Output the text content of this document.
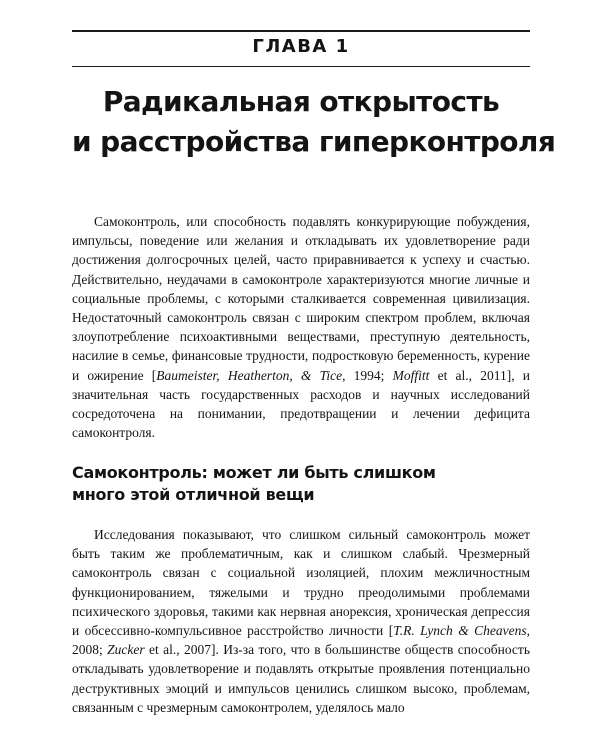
ГЛАВА 1
Радикальная открытость
и расстройства гиперконтроля

Самоконтроль, или способность подавлять конкурирующие побуждения, импульсы, поведение или желания и откладывать их удовлетворение ради достижения долгосрочных целей, часто приравнивается к успеху и счастью. Действительно, неудачами в самоконтроле характеризуются многие личные и социальные проблемы, с которыми сталкивается современная цивилизация. Недостаточный самоконтроль связан с широким спектром проблем, включая злоупотребление психоактивными веществами, преступную деятельность, насилие в семье, финансовые трудности, подростковую беременность, курение и ожирение [Baumeister, Heatherton, & Tice, 1994; Moffitt et al., 2011], и значительная часть государственных расходов и научных исследований сосредоточена на понимании, предотвращении и лечении дефицита самоконтроля.

Самоконтроль: может ли быть слишком
много этой отличной вещи

Исследования показывают, что слишком сильный самоконтроль может быть таким же проблематичным, как и слишком слабый. Чрезмерный самоконтроль связан с социальной изоляцией, плохим межличностным функционированием, тяжелыми и трудно преодолимыми проблемами психического здоровья, такими как нервная анорексия, хроническая депрессия и обсессивно-компульсивное расстройство личности [T.R. Lynch & Cheavens, 2008; Zucker et al., 2007]. Из-за того, что в большинстве обществ способность откладывать удовлетворение и подавлять открытые проявления потенциально деструктивных эмоций и импульсов ценились слишком высоко, проблемам, связанным с чрезмерным самоконтролем, уделялось мало
